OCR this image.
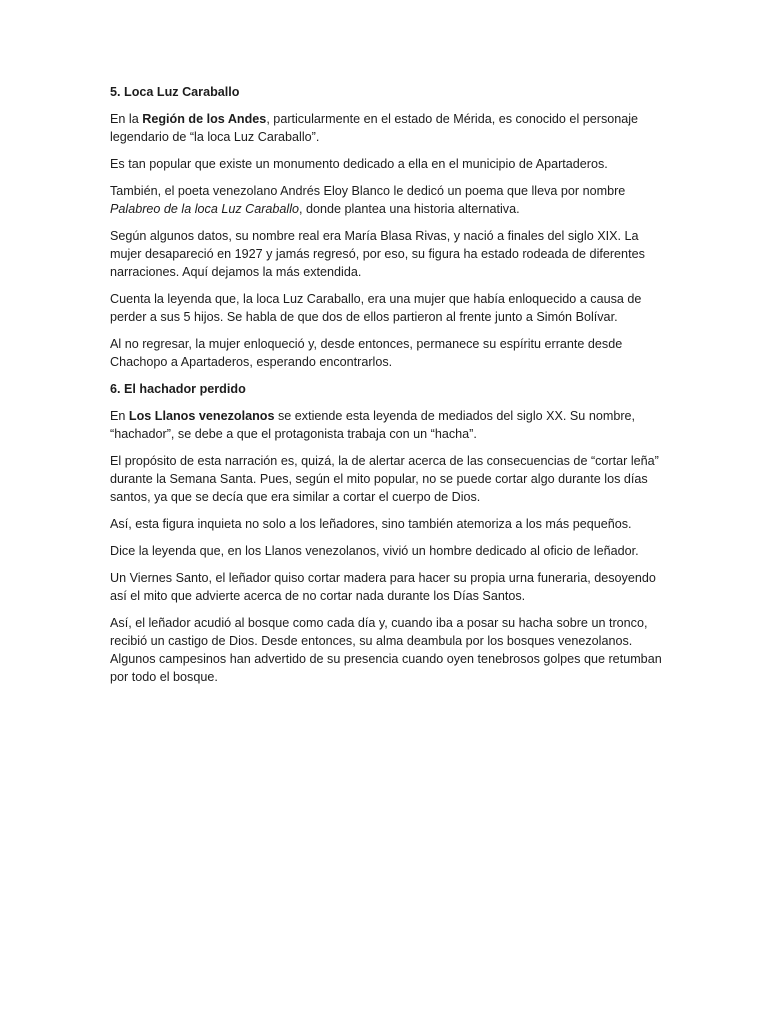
5. Loca Luz Caraballo

En la Región de los Andes, particularmente en el estado de Mérida, es conocido el personaje legendario de “la loca Luz Caraballo”.

Es tan popular que existe un monumento dedicado a ella en el municipio de Apartaderos.

También, el poeta venezolano Andrés Eloy Blanco le dedicó un poema que lleva por nombre Palabreo de la loca Luz Caraballo, donde plantea una historia alternativa.

Según algunos datos, su nombre real era María Blasa Rivas, y nació a finales del siglo XIX. La mujer desapareció en 1927 y jamás regresó, por eso, su figura ha estado rodeada de diferentes narraciones. Aquí dejamos la más extendida.

Cuenta la leyenda que, la loca Luz Caraballo, era una mujer que había enloquecido a causa de perder a sus 5 hijos. Se habla de que dos de ellos partieron al frente junto a Simón Bolívar.

Al no regresar, la mujer enloqueció y, desde entonces, permanece su espíritu errante desde Chachopo a Apartaderos, esperando encontrarlos.

6. El hachador perdido

En Los Llanos venezolanos se extiende esta leyenda de mediados del siglo XX. Su nombre, “hachador”, se debe a que el protagonista trabaja con un “hacha”.

El propósito de esta narración es, quizá, la de alertar acerca de las consecuencias de “cortar leña” durante la Semana Santa. Pues, según el mito popular, no se puede cortar algo durante los días santos, ya que se decía que era similar a cortar el cuerpo de Dios.

Así, esta figura inquieta no solo a los leñadores, sino también atemoriza a los más pequeños.

Dice la leyenda que, en los Llanos venezolanos, vivió un hombre dedicado al oficio de leñador.

Un Viernes Santo, el leñador quiso cortar madera para hacer su propia urna funeraria, desoyendo así el mito que advierte acerca de no cortar nada durante los Días Santos.

Así, el leñador acudió al bosque como cada día y, cuando iba a posar su hacha sobre un tronco, recibió un castigo de Dios. Desde entonces, su alma deambula por los bosques venezolanos. Algunos campesinos han advertido de su presencia cuando oyen tenebrosos golpes que retumban por todo el bosque.
